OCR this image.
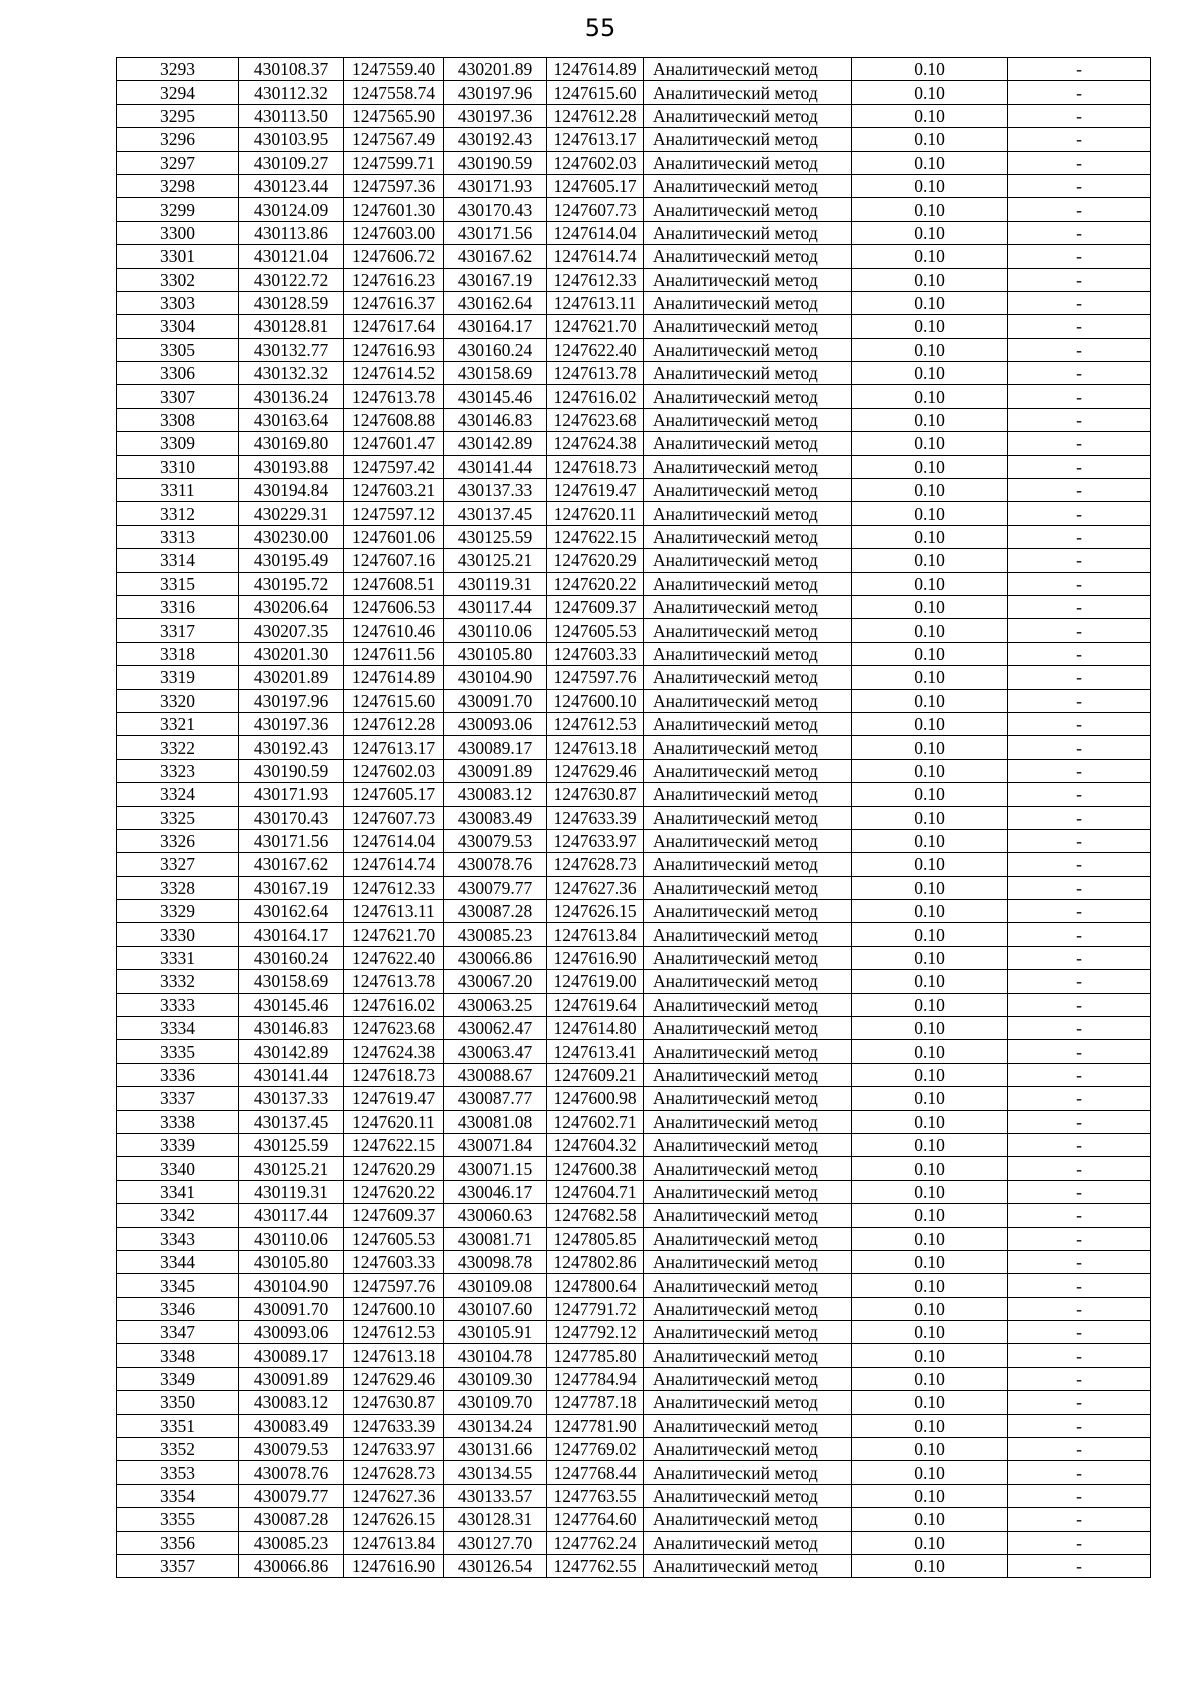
55
3293	430108.37	1247559.40	430201.89	1247614.89	Аналитический метод	0.10	-
3294	430112.32	1247558.74	430197.96	1247615.60	Аналитический метод	0.10	-
3295	430113.50	1247565.90	430197.36	1247612.28	Аналитический метод	0.10	-
3296	430103.95	1247567.49	430192.43	1247613.17	Аналитический метод	0.10	-
3297	430109.27	1247599.71	430190.59	1247602.03	Аналитический метод	0.10	-
3298	430123.44	1247597.36	430171.93	1247605.17	Аналитический метод	0.10	-
3299	430124.09	1247601.30	430170.43	1247607.73	Аналитический метод	0.10	-
3300	430113.86	1247603.00	430171.56	1247614.04	Аналитический метод	0.10	-
3301	430121.04	1247606.72	430167.62	1247614.74	Аналитический метод	0.10	-
3302	430122.72	1247616.23	430167.19	1247612.33	Аналитический метод	0.10	-
3303	430128.59	1247616.37	430162.64	1247613.11	Аналитический метод	0.10	-
3304	430128.81	1247617.64	430164.17	1247621.70	Аналитический метод	0.10	-
3305	430132.77	1247616.93	430160.24	1247622.40	Аналитический метод	0.10	-
3306	430132.32	1247614.52	430158.69	1247613.78	Аналитический метод	0.10	-
3307	430136.24	1247613.78	430145.46	1247616.02	Аналитический метод	0.10	-
3308	430163.64	1247608.88	430146.83	1247623.68	Аналитический метод	0.10	-
3309	430169.80	1247601.47	430142.89	1247624.38	Аналитический метод	0.10	-
3310	430193.88	1247597.42	430141.44	1247618.73	Аналитический метод	0.10	-
3311	430194.84	1247603.21	430137.33	1247619.47	Аналитический метод	0.10	-
3312	430229.31	1247597.12	430137.45	1247620.11	Аналитический метод	0.10	-
3313	430230.00	1247601.06	430125.59	1247622.15	Аналитический метод	0.10	-
3314	430195.49	1247607.16	430125.21	1247620.29	Аналитический метод	0.10	-
3315	430195.72	1247608.51	430119.31	1247620.22	Аналитический метод	0.10	-
3316	430206.64	1247606.53	430117.44	1247609.37	Аналитический метод	0.10	-
3317	430207.35	1247610.46	430110.06	1247605.53	Аналитический метод	0.10	-
3318	430201.30	1247611.56	430105.80	1247603.33	Аналитический метод	0.10	-
3319	430201.89	1247614.89	430104.90	1247597.76	Аналитический метод	0.10	-
3320	430197.96	1247615.60	430091.70	1247600.10	Аналитический метод	0.10	-
3321	430197.36	1247612.28	430093.06	1247612.53	Аналитический метод	0.10	-
3322	430192.43	1247613.17	430089.17	1247613.18	Аналитический метод	0.10	-
3323	430190.59	1247602.03	430091.89	1247629.46	Аналитический метод	0.10	-
3324	430171.93	1247605.17	430083.12	1247630.87	Аналитический метод	0.10	-
3325	430170.43	1247607.73	430083.49	1247633.39	Аналитический метод	0.10	-
3326	430171.56	1247614.04	430079.53	1247633.97	Аналитический метод	0.10	-
3327	430167.62	1247614.74	430078.76	1247628.73	Аналитический метод	0.10	-
3328	430167.19	1247612.33	430079.77	1247627.36	Аналитический метод	0.10	-
3329	430162.64	1247613.11	430087.28	1247626.15	Аналитический метод	0.10	-
3330	430164.17	1247621.70	430085.23	1247613.84	Аналитический метод	0.10	-
3331	430160.24	1247622.40	430066.86	1247616.90	Аналитический метод	0.10	-
3332	430158.69	1247613.78	430067.20	1247619.00	Аналитический метод	0.10	-
3333	430145.46	1247616.02	430063.25	1247619.64	Аналитический метод	0.10	-
3334	430146.83	1247623.68	430062.47	1247614.80	Аналитический метод	0.10	-
3335	430142.89	1247624.38	430063.47	1247613.41	Аналитический метод	0.10	-
3336	430141.44	1247618.73	430088.67	1247609.21	Аналитический метод	0.10	-
3337	430137.33	1247619.47	430087.77	1247600.98	Аналитический метод	0.10	-
3338	430137.45	1247620.11	430081.08	1247602.71	Аналитический метод	0.10	-
3339	430125.59	1247622.15	430071.84	1247604.32	Аналитический метод	0.10	-
3340	430125.21	1247620.29	430071.15	1247600.38	Аналитический метод	0.10	-
3341	430119.31	1247620.22	430046.17	1247604.71	Аналитический метод	0.10	-
3342	430117.44	1247609.37	430060.63	1247682.58	Аналитический метод	0.10	-
3343	430110.06	1247605.53	430081.71	1247805.85	Аналитический метод	0.10	-
3344	430105.80	1247603.33	430098.78	1247802.86	Аналитический метод	0.10	-
3345	430104.90	1247597.76	430109.08	1247800.64	Аналитический метод	0.10	-
3346	430091.70	1247600.10	430107.60	1247791.72	Аналитический метод	0.10	-
3347	430093.06	1247612.53	430105.91	1247792.12	Аналитический метод	0.10	-
3348	430089.17	1247613.18	430104.78	1247785.80	Аналитический метод	0.10	-
3349	430091.89	1247629.46	430109.30	1247784.94	Аналитический метод	0.10	-
3350	430083.12	1247630.87	430109.70	1247787.18	Аналитический метод	0.10	-
3351	430083.49	1247633.39	430134.24	1247781.90	Аналитический метод	0.10	-
3352	430079.53	1247633.97	430131.66	1247769.02	Аналитический метод	0.10	-
3353	430078.76	1247628.73	430134.55	1247768.44	Аналитический метод	0.10	-
3354	430079.77	1247627.36	430133.57	1247763.55	Аналитический метод	0.10	-
3355	430087.28	1247626.15	430128.31	1247764.60	Аналитический метод	0.10	-
3356	430085.23	1247613.84	430127.70	1247762.24	Аналитический метод	0.10	-
3357	430066.86	1247616.90	430126.54	1247762.55	Аналитический метод	0.10	-
